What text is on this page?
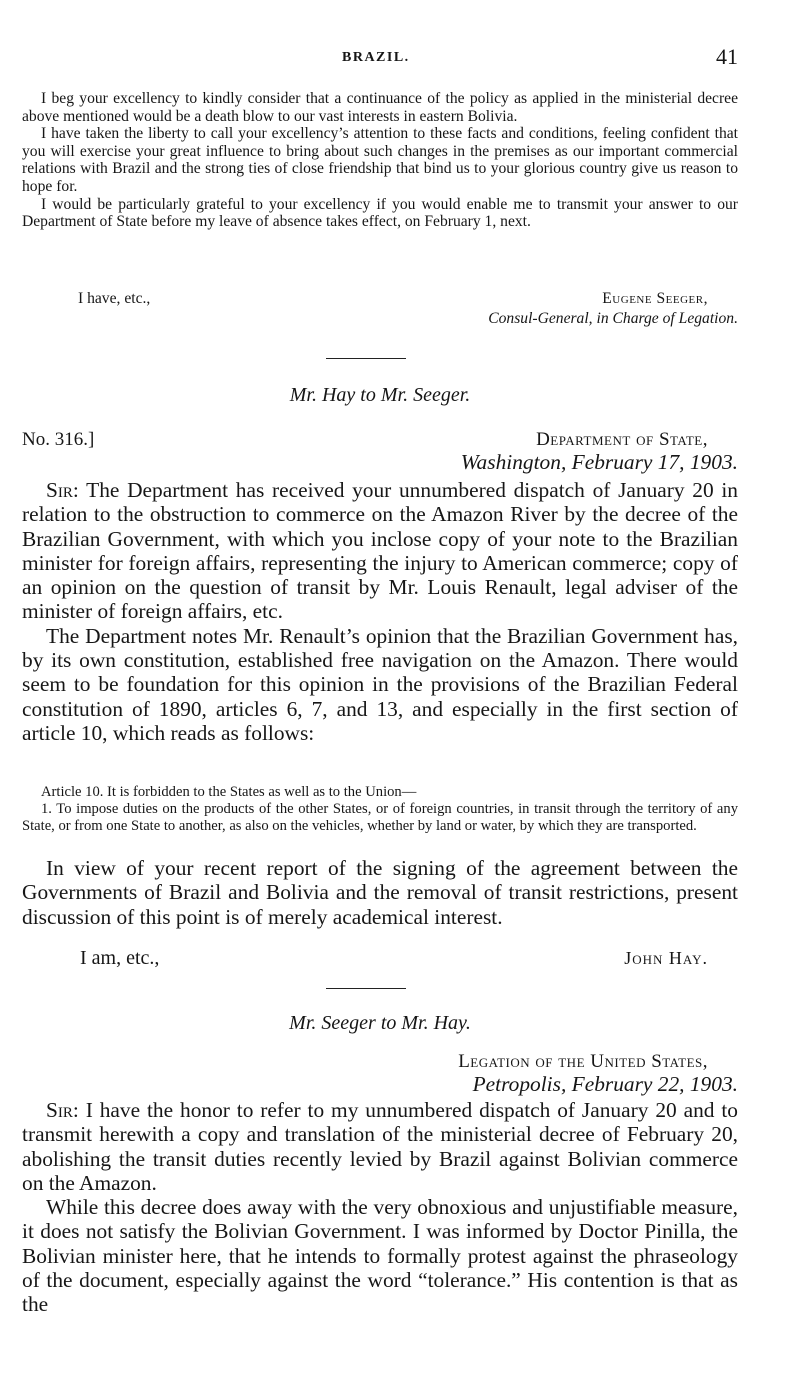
BRAZIL.	41

I beg your excellency to kindly consider that a continuance of the policy as applied in the ministerial decree above mentioned would be a death blow to our vast interests in eastern Bolivia.

I have taken the liberty to call your excellency’s attention to these facts and conditions, feeling confident that you will exercise your great influence to bring about such changes in the premises as our important commercial relations with Brazil and the strong ties of close friendship that bind us to your glorious country give us reason to hope for.

I would be particularly grateful to your excellency if you would enable me to transmit your answer to our Department of State before my leave of absence takes effect, on February 1, next.

I have, etc.,	Eugene Seeger,
Consul-General, in Charge of Legation.
Mr. Hay to Mr. Seeger.
No. 316.]	Department of State,
Washington, February 17, 1903.

Sir: The Department has received your unnumbered dispatch of January 20 in relation to the obstruction to commerce on the Amazon River by the decree of the Brazilian Government, with which you inclose copy of your note to the Brazilian minister for foreign affairs, representing the injury to American commerce; copy of an opinion on the question of transit by Mr. Louis Renault, legal adviser of the minister of foreign affairs, etc.

The Department notes Mr. Renault’s opinion that the Brazilian Government has, by its own constitution, established free navigation on the Amazon. There would seem to be foundation for this opinion in the provisions of the Brazilian Federal constitution of 1890, articles 6, 7, and 13, and especially in the first section of article 10, which reads as follows:

Article 10. It is forbidden to the States as well as to the Union—

1. To impose duties on the products of the other States, or of foreign countries, in transit through the territory of any State, or from one State to another, as also on the vehicles, whether by land or water, by which they are transported.

In view of your recent report of the signing of the agreement between the Governments of Brazil and Bolivia and the removal of transit restrictions, present discussion of this point is of merely academical interest.

I am, etc.,	John Hay.
Mr. Seeger to Mr. Hay.
Legation of the United States,
Petropolis, February 22, 1903.

Sir: I have the honor to refer to my unnumbered dispatch of January 20 and to transmit herewith a copy and translation of the ministerial decree of February 20, abolishing the transit duties recently levied by Brazil against Bolivian commerce on the Amazon.

While this decree does away with the very obnoxious and unjustifiable measure, it does not satisfy the Bolivian Government. I was informed by Doctor Pinilla, the Bolivian minister here, that he intends to formally protest against the phraseology of the document, especially against the word “tolerance.” His contention is that as the
